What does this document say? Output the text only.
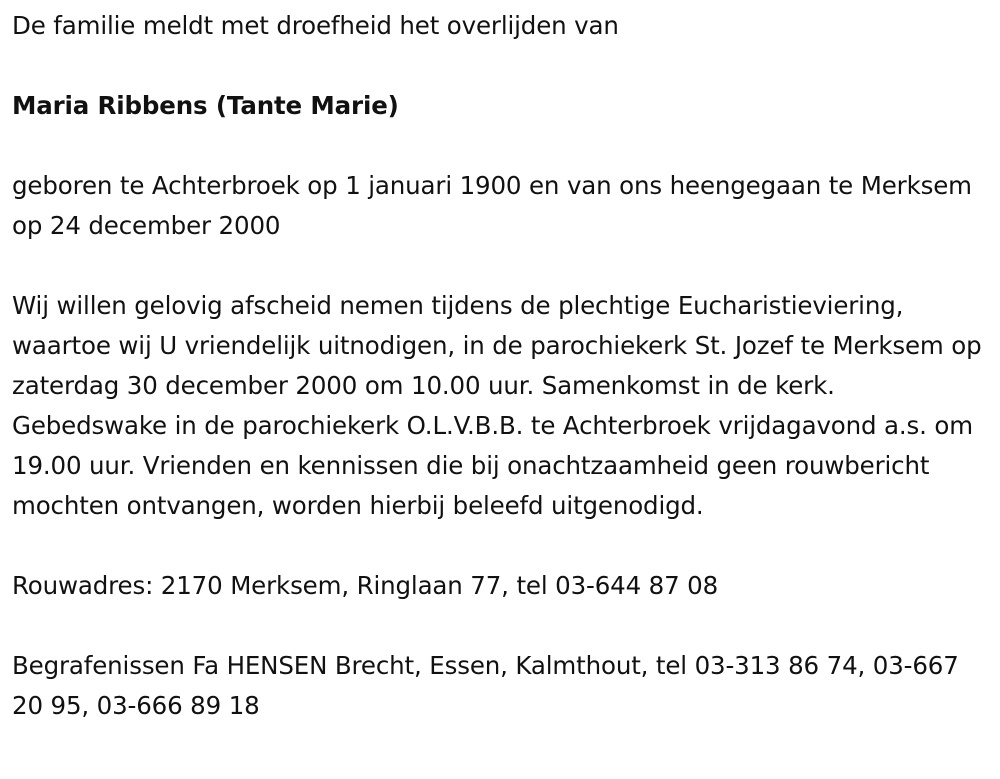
De familie meldt met droefheid het overlijden van

Maria Ribbens (Tante Marie)

geboren te Achterbroek op 1 januari 1900 en van ons heengegaan te Merksem op 24 december 2000

Wij willen gelovig afscheid nemen tijdens de plechtige Eucharistieviering, waartoe wij U vriendelijk uitnodigen, in de parochiekerk St. Jozef te Merksem op zaterdag 30 december 2000 om 10.00 uur. Samenkomst in de kerk. Gebedswake in de parochiekerk O.L.V.B.B. te Achterbroek vrijdagavond a.s. om 19.00 uur. Vrienden en kennissen die bij onachtzaamheid geen rouwbericht mochten ontvangen, worden hierbij beleefd uitgenodigd.

Rouwadres: 2170 Merksem, Ringlaan 77, tel 03-644 87 08

Begrafenissen Fa HENSEN Brecht, Essen, Kalmthout, tel 03-313 86 74, 03-667 20 95, 03-666 89 18
